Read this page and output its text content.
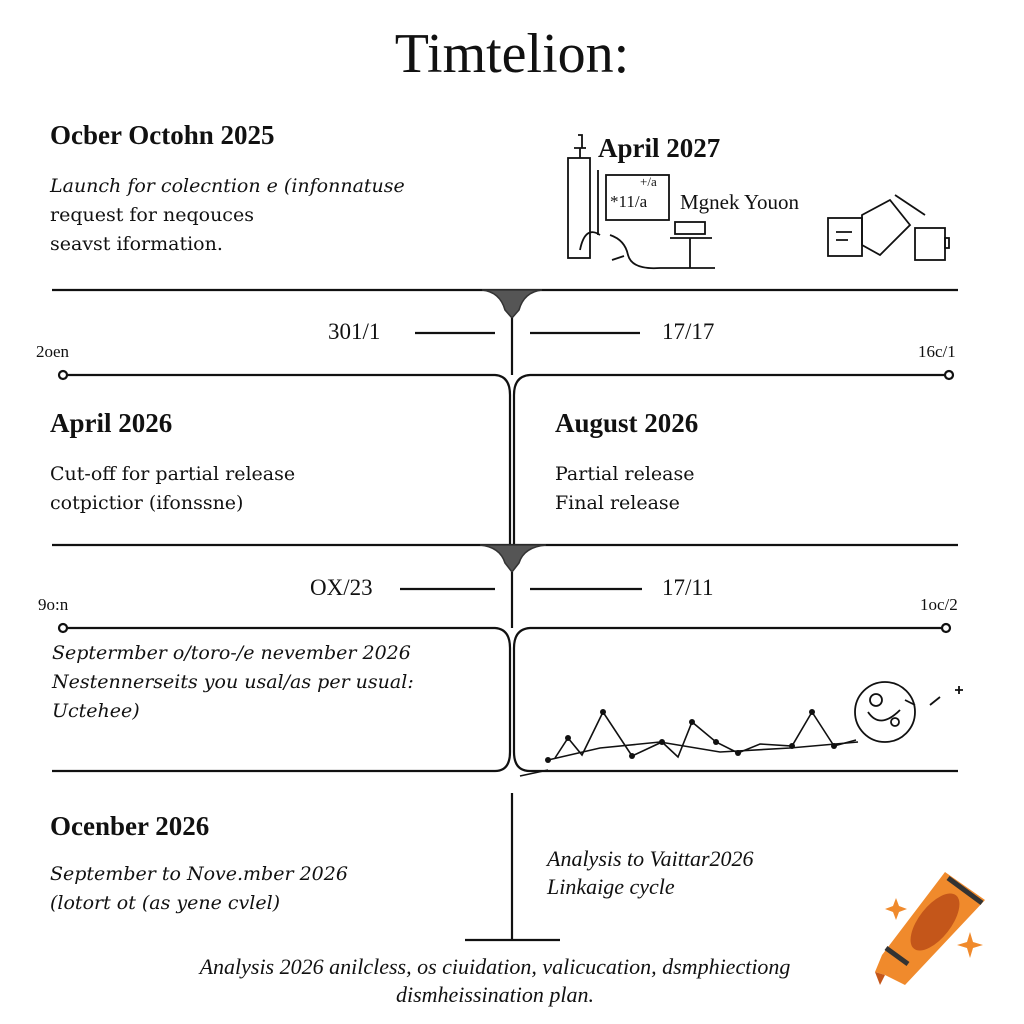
Timtelion:
Ocber Octohn 2025
Launch for colecntion e (infonnatuse
request for neqouces
seavst iformation.
April 2027
+/a
*11/a Mgnek Youon
301/1	17/17
2oen	16c/1
April 2026
Cut-off for partial release
cotpictior (ifonssne)
August 2026
Partial release
Final release
OX/23	17/11
9o:n	1oc/2
Septermber o/toro-/e nevember 2026
Nestennerseits you usal/as per usual:
Uctehee)
Ocenber 2026
September to Nove.mber 2026
(lotort ot (as yene cvlel)
Analysis to Vaittar2026
Linkaige cycle
Analysis 2026 anilcless, os ciuidation, valicucation, dsmphiectiong
dismheissination plan.
